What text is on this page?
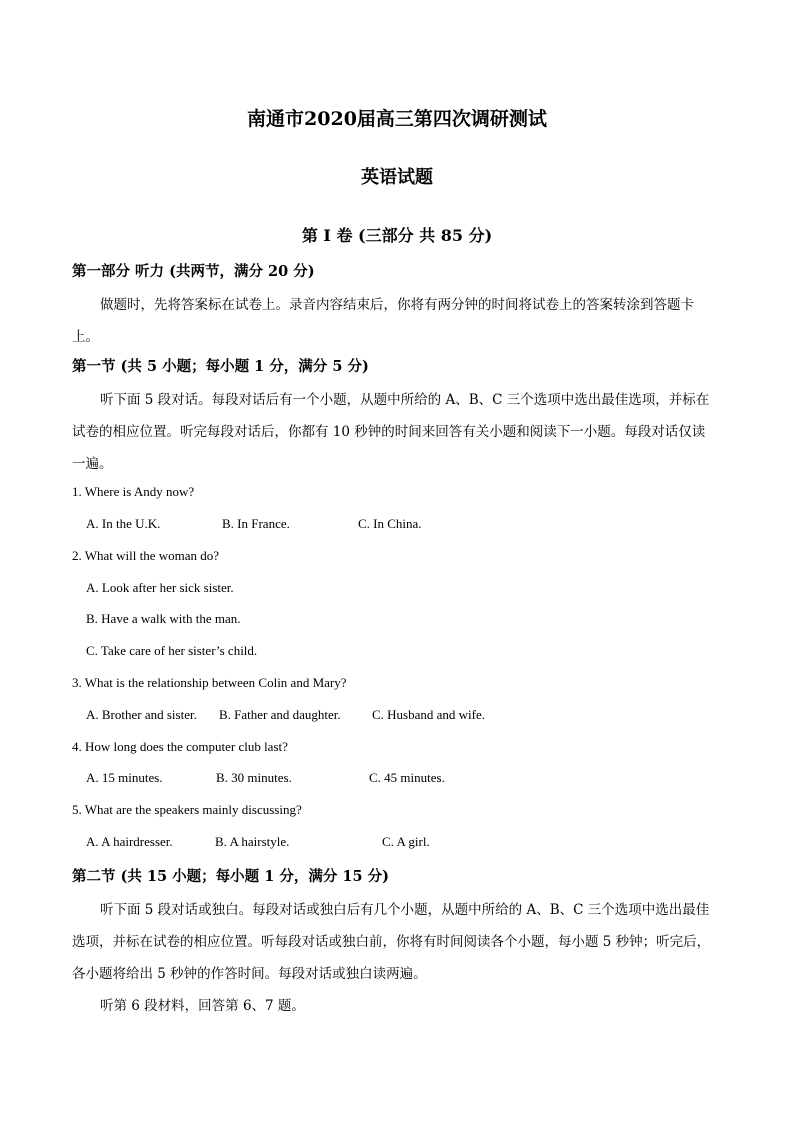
南通市2020届高三第四次调研测试
英语试题
第 I 卷 (三部分 共 85 分)
第一部分 听力 (共两节，满分 20 分)
做题时，先将答案标在试卷上。录音内容结束后，你将有两分钟的时间将试卷上的答案转涂到答题卡
上。
第一节 (共 5 小题；每小题 1 分，满分 5 分)
听下面 5 段对话。每段对话后有一个小题，从题中所给的 A、B、C 三个选项中选出最佳选项，并标在
试卷的相应位置。听完每段对话后，你都有 10 秒钟的时间来回答有关小题和阅读下一小题。每段对话仅读
一遍。
1. Where is Andy now?
A. In the U.K.	B. In France.	C. In China.
2. What will the woman do?
A. Look after her sick sister.
B. Have a walk with the man.
C. Take care of her sister’s child.
3. What is the relationship between Colin and Mary?
A. Brother and sister. B. Father and daughter. C. Husband and wife.
4. How long does the computer club last?
A. 15 minutes.	B. 30 minutes.	C. 45 minutes.
5. What are the speakers mainly discussing?
A. A hairdresser.	B. A hairstyle.	C. A girl.
第二节 (共 15 小题；每小题 1 分，满分 15 分)
听下面 5 段对话或独白。每段对话或独白后有几个小题，从题中所给的 A、B、C 三个选项中选出最佳
选项，并标在试卷的相应位置。听每段对话或独白前，你将有时间阅读各个小题，每小题 5 秒钟；听完后，
各小题将给出 5 秒钟的作答时间。每段对话或独白读两遍。
听第 6 段材料，回答第 6、7 题。
